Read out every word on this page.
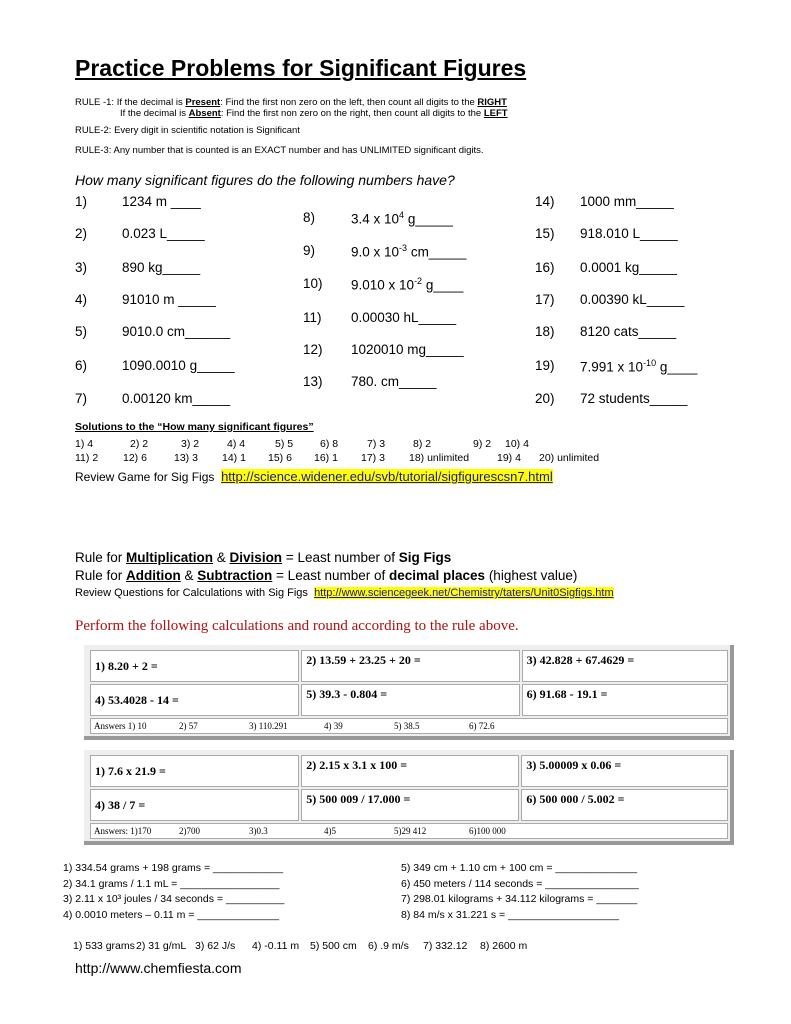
Practice Problems for Significant Figures
RULE -1: If the decimal is Present: Find the first non zero on the left, then count all digits to the RIGHT
If the decimal is Absent: Find the first non zero on the right, then count all digits to the LEFT
RULE-2: Every digit in scientific notation is Significant
RULE-3: Any number that is counted is an EXACT number and has UNLIMITED significant digits.
How many significant figures do the following numbers have?
Solutions to the “How many significant figures”
Review Game for Sig Figs http://science.widener.edu/svb/tutorial/sigfigurescsn7.html
Rule for Multiplication & Division = Least number of Sig Figs
Rule for Addition & Subtraction = Least number of decimal places (highest value)
Review Questions for Calculations with Sig Figs http://www.sciencegeek.net/Chemistry/taters/Unit0Sigfigs.htm
Perform the following calculations and round according to the rule above.
1) 8.20 + 2 =	2) 13.59 + 23.25 + 20 =	3) 42.828 + 67.4629 =
4) 53.4028 - 14 =	5) 39.3 - 0.804 =	6) 91.68 - 19.1 =
Answers 1) 10 2) 57 3) 110.291 4) 39 5) 38.5 6) 72.6		
1) 7.6 x 21.9 =	2) 2.15 x 3.1 x 100 =	3) 5.00009 x 0.06 =
4) 38 / 7 =	5) 500 009 / 17.000 =	6) 500 000 / 5.002 =
Answers: 1)170 2)700 3)0.3 4)5 5)29 412 6)100 000		
http://www.chemfiesta.com
1)	1234 m ____
2)	0.023 L_____
3)	890 kg_____
4)	91010 m _____
5)	9010.0 cm______
6)	1090.0010 g_____
7)	0.00120 km_____
8)	3.4 x $10^4$ g_____
9)	9.0 x $10^{-3}$ cm_____
10) 9.010 x $10^{-2}$ g____
11) 0.00030 hL_____
12) 1020010 mg_____
13) 780. cm_____
14) 1000 mm_____
15) 918.010 L_____
16) 0.0001 kg_____
17) 0.00390 kL_____
18) 8120 cats_____
19) 7.991 x $10^{-10}$ g____
20) 72 students_____
1) 4	2) 2	3) 2	4) 4	5) 5	6) 8	7) 3	8) 2	9) 2 10) 4
11) 2 12) 6	13) 3 14) 1 15) 6 16) 1 17) 3 18) unlimited	19) 4 20) unlimited
1) 334.54 grams + 198 grams = ____________
2) 34.1 grams / 1.1 mL = _________________
3) 2.11 x 10³ joules / 34 seconds = __________
4) 0.0010 meters – 0.11 m = ______________
5) 349 cm + 1.10 cm + 100 cm = ______________
6) 450 meters / 114 seconds = ________________
7) 298.01 kilograms + 34.112 kilograms = _______
8) 84 m/s x 31.221 s = ___________________
1) 533 grams 2) 31 g/mL 3) 62 J/s 4) -0.11 m 5) 500 cm 6) .9 m/s 7) 332.12 8) 2600 m
